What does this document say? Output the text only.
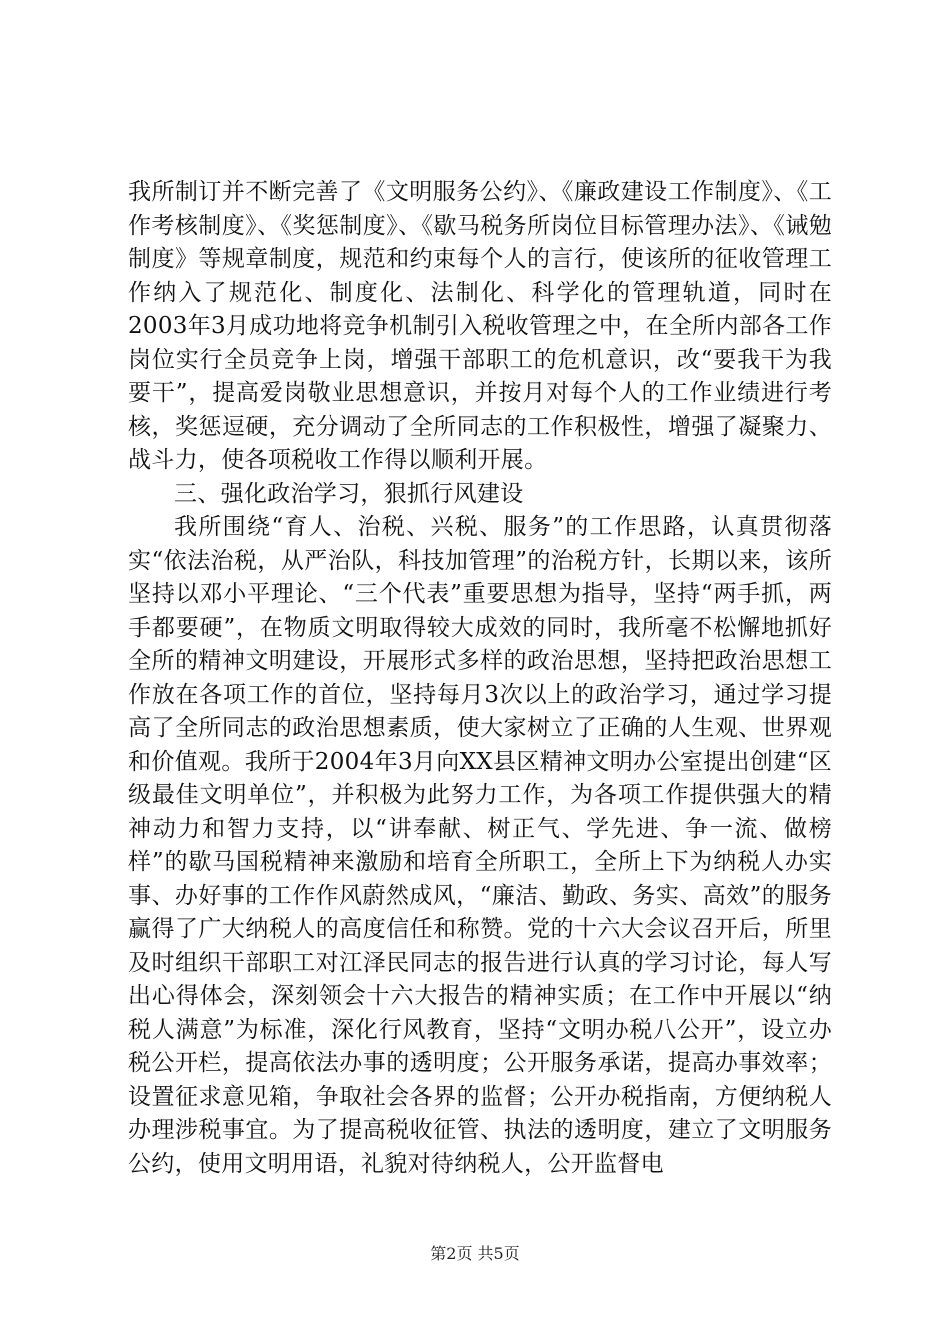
我所制订并不断完善了《文明服务公约》、《廉政建设工作制度》、《工作考核制度》、《奖惩制度》、《歇马税务所岗位目标管理办法》、《诫勉制度》等规章制度，规范和约束每个人的言行，使该所的征收管理工作纳入了规范化、制度化、法制化、科学化的管理轨道，同时在2003年3月成功地将竞争机制引入税收管理之中，在全所内部各工作岗位实行全员竞争上岗，增强干部职工的危机意识，改“要我干为我要干”，提高爱岗敬业思想意识，并按月对每个人的工作业绩进行考核，奖惩逗硬，充分调动了全所同志的工作积极性，增强了凝聚力、战斗力，使各项税收工作得以顺利开展。

三、强化政治学习，狠抓行风建设

我所围绕“育人、治税、兴税、服务”的工作思路，认真贯彻落实“依法治税，从严治队，科技加管理”的治税方针，长期以来，该所坚持以邓小平理论、“三个代表”重要思想为指导，坚持“两手抓，两手都要硬”，在物质文明取得较大成效的同时，我所毫不松懈地抓好全所的精神文明建设，开展形式多样的政治思想，坚持把政治思想工作放在各项工作的首位，坚持每月3次以上的政治学习，通过学习提高了全所同志的政治思想素质，使大家树立了正确的人生观、世界观和价值观。我所于2004年3月向XX县区精神文明办公室提出创建“区级最佳文明单位”，并积极为此努力工作，为各项工作提供强大的精神动力和智力支持，以“讲奉献、树正气、学先进、争一流、做榜样”的歇马国税精神来激励和培育全所职工，全所上下为纳税人办实事、办好事的工作作风蔚然成风，“廉洁、勤政、务实、高效”的服务赢得了广大纳税人的高度信任和称赞。党的十六大会议召开后，所里及时组织干部职工对江泽民同志的报告进行认真的学习讨论，每人写出心得体会，深刻领会十六大报告的精神实质；在工作中开展以“纳税人满意”为标准，深化行风教育，坚持“文明办税八公开”，设立办税公开栏，提高依法办事的透明度；公开服务承诺，提高办事效率；设置征求意见箱，争取社会各界的监督；公开办税指南，方便纳税人办理涉税事宜。为了提高税收征管、执法的透明度，建立了文明服务公约，使用文明用语，礼貌对待纳税人，公开监督电

第2页 共5页
